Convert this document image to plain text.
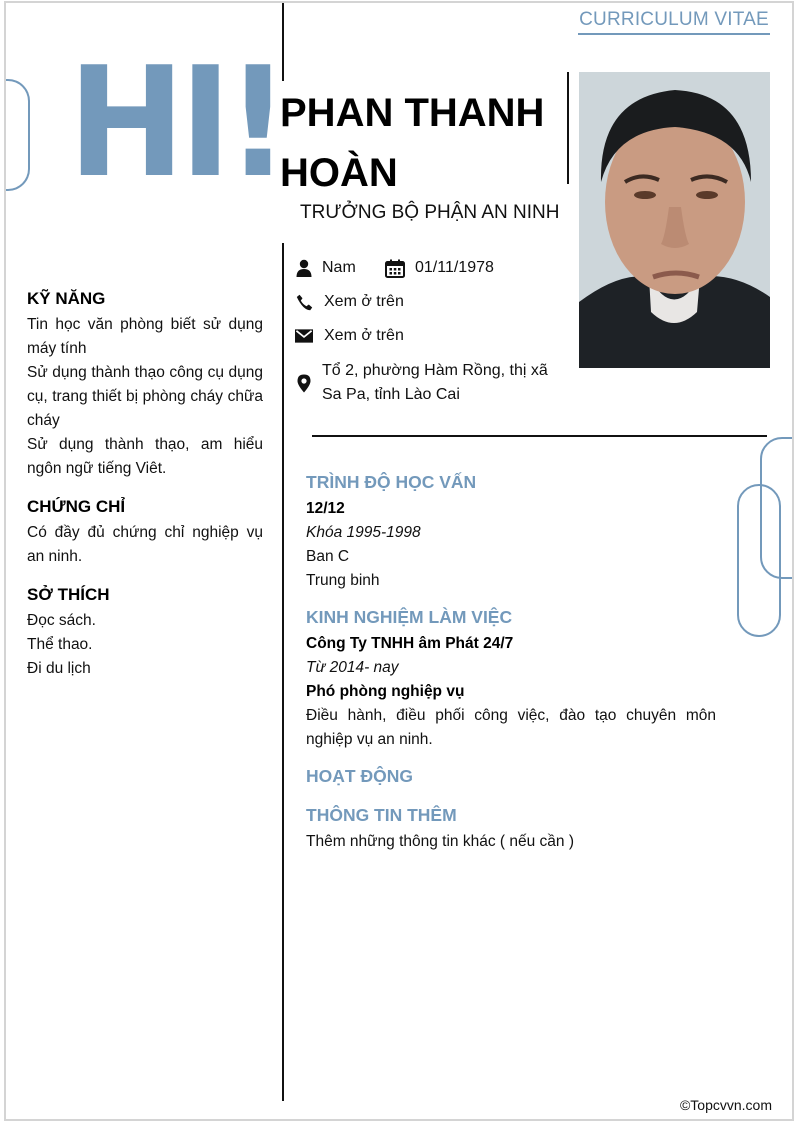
CURRICULUM VITAE
HI!
PHAN THANH HOÀN
TRƯỞNG BỘ PHẬN AN NINH
Nam	01/11/1978
Xem ở trên
Xem ở trên
Tổ 2, phường Hàm Rồng, thị xã
Sa Pa, tỉnh Lào Cai
KỸ NĂNG
Tin học văn phòng biết sử dụng máy tính
Sử dụng thành thạo công cụ dụng cụ, trang thiết bị phòng cháy chữa cháy
Sử dụng thành thạo, am hiểu ngôn ngữ tiếng Viêt.
CHỨNG CHỈ
Có đầy đủ chứng chỉ nghiệp vụ an ninh.
SỞ THÍCH
Đọc sách.
Thể thao.
Đi du lịch
TRÌNH ĐỘ HỌC VẤN
12/12
Khóa 1995-1998
Ban C
Trung binh
KINH NGHIỆM LÀM VIỆC
Công Ty TNHH âm Phát 24/7
Từ 2014- nay
Phó phòng nghiệp vụ
Điều hành, điều phối công việc, đào tạo chuyên môn nghiệp vụ an ninh.
HOẠT ĐỘNG
THÔNG TIN THÊM
Thêm những thông tin khác ( nếu cần )
©Topcvvn.com
